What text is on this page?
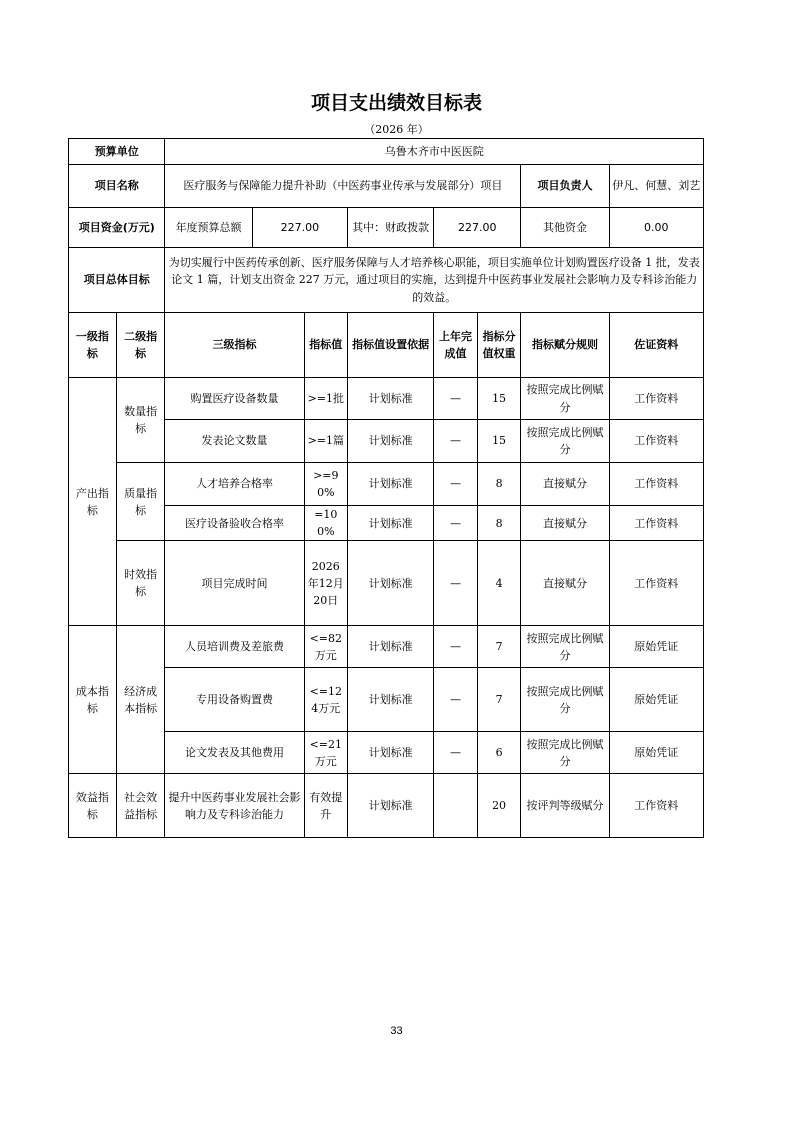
项目支出绩效目标表
（2026 年）
预算单位		乌鲁木齐市中医医院							
项目名称		医疗服务与保障能力提升补助（中医药事业传承与发展部分）项目						项目负责人	伊凡、何慧、刘艺
项目资金(万元)		年度预算总额	227.00		其中：财政拨款	227.00		其他资金	0.00
项目总体目标		为切实履行中医药传承创新、医疗服务保障与人才培养核心职能，项目实施单位计划购置医疗设备 1 批，发表论文 1 篇，计划支出资金 227 万元，通过项目的实施，达到提升中医药事业发展社会影响力及专科诊治能力的效益。							
一级指标	二级指标	三级指标		指标值	指标值设置依据	上年完成值	指标分值权重	指标赋分规则	佐证资料
产出指标	数量指标	购置医疗设备数量		>=1批	计划标准	—	15	按照完成比例赋分	工作资料
		发表论文数量		>=1篇	计划标准	—	15	按照完成比例赋分	工作资料
	质量指标	人才培养合格率		>=90%	计划标准	—	8	直接赋分	工作资料
		医疗设备验收合格率		=100%	计划标准	—	8	直接赋分	工作资料
	时效指标	项目完成时间		2026年12月20日	计划标准	—	4	直接赋分	工作资料
成本指标	经济成本指标	人员培训费及差旅费		<=82万元	计划标准	—	7	按照完成比例赋分	原始凭证
		专用设备购置费		<=124万元	计划标准	—	7	按照完成比例赋分	原始凭证
		论文发表及其他费用		<=21万元	计划标准	—	6	按照完成比例赋分	原始凭证
效益指标	社会效益指标	提升中医药事业发展社会影响力及专科诊治能力		有效提升	计划标准		20	按评判等级赋分	工作资料
33
